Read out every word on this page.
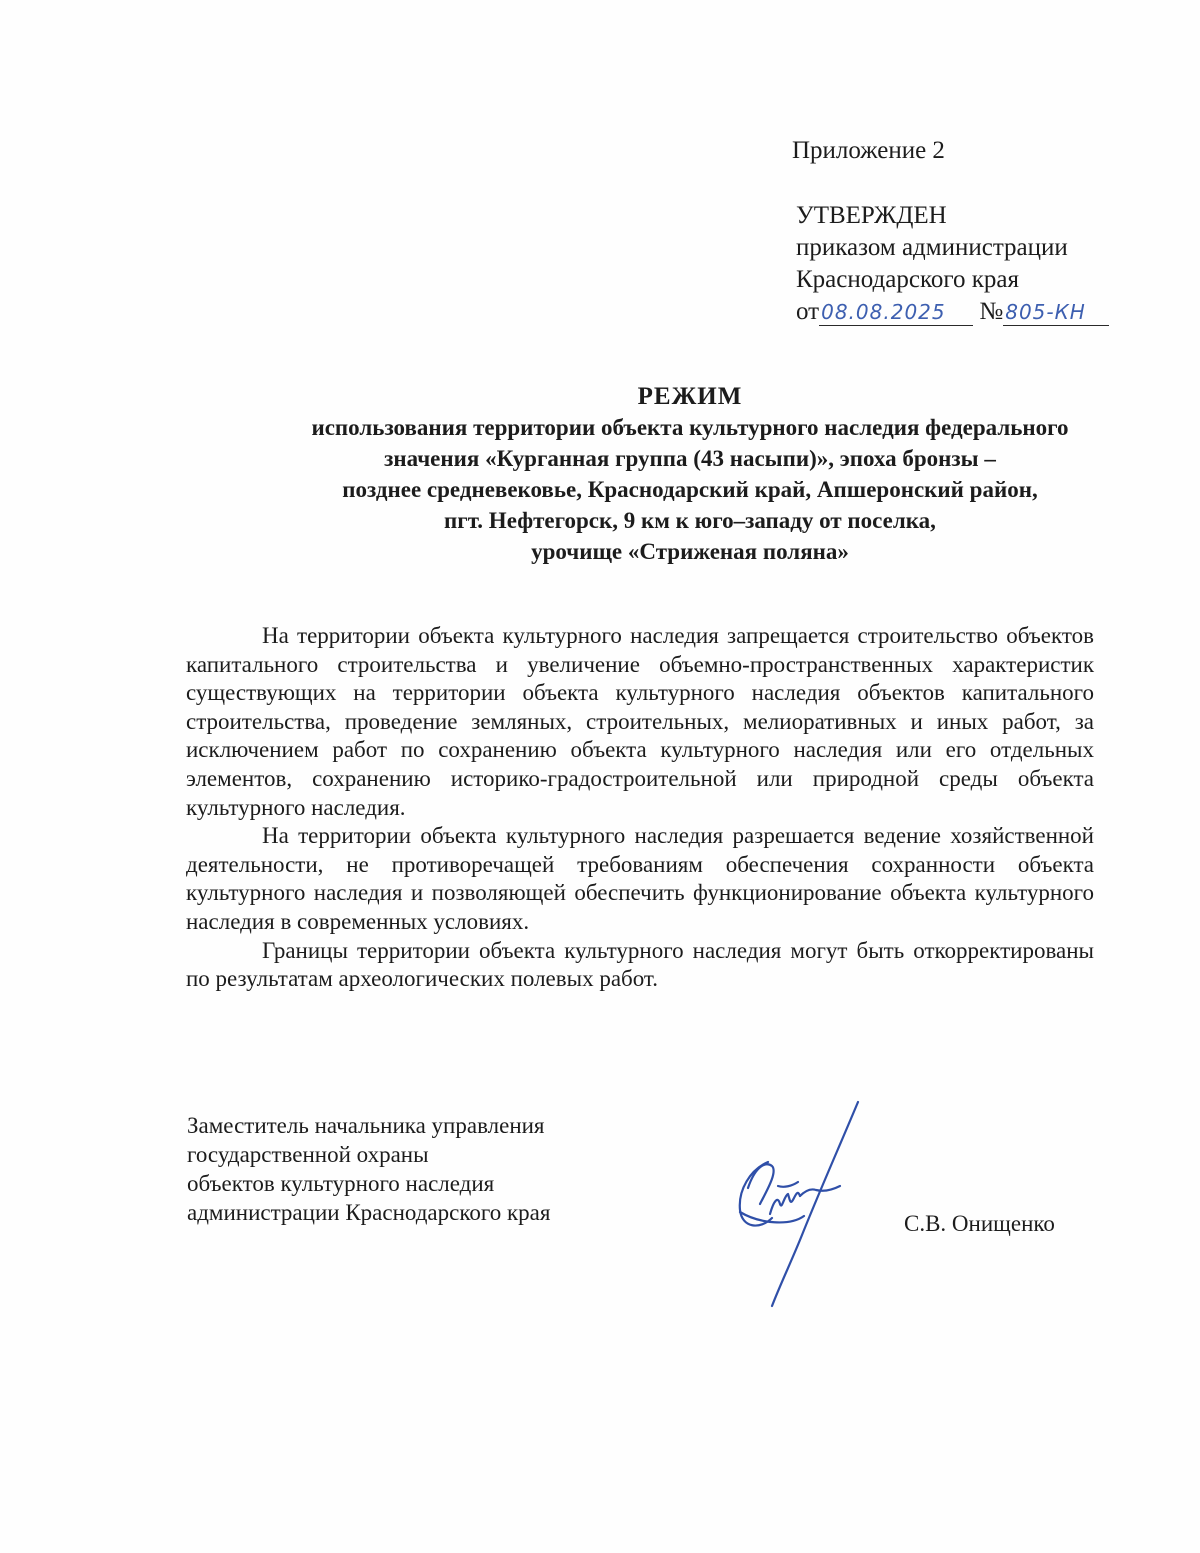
Приложение 2
УТВЕРЖДЕН
приказом администрации
Краснодарского края
от 08.08.2025 № 805-КН
РЕЖИМ
использования территории объекта культурного наследия федерального
значения «Курганная группа (43 насыпи)», эпоха бронзы –
позднее средневековье, Краснодарский край, Апшеронский район,
пгт. Нефтегорск, 9 км к юго–западу от поселка,
урочище «Стриженая поляна»

На территории объекта культурного наследия запрещается строительство объектов капитального строительства и увеличение объемно-пространственных характеристик существующих на территории объекта культурного наследия объектов капитального строительства, проведение земляных, строительных, мелиоративных и иных работ, за исключением работ по сохранению объекта культурного наследия или его отдельных элементов, сохранению историко-градостроительной или природной среды объекта культурного наследия.

На территории объекта культурного наследия разрешается ведение хозяйственной деятельности, не противоречащей требованиям обеспечения сохранности объекта культурного наследия и позволяющей обеспечить функционирование объекта культурного наследия в современных условиях.

Границы территории объекта культурного наследия могут быть откорректированы по результатам археологических полевых работ.

Заместитель начальника управления
государственной охраны
объектов культурного наследия
администрации Краснодарского края	С.В. Онищенко
